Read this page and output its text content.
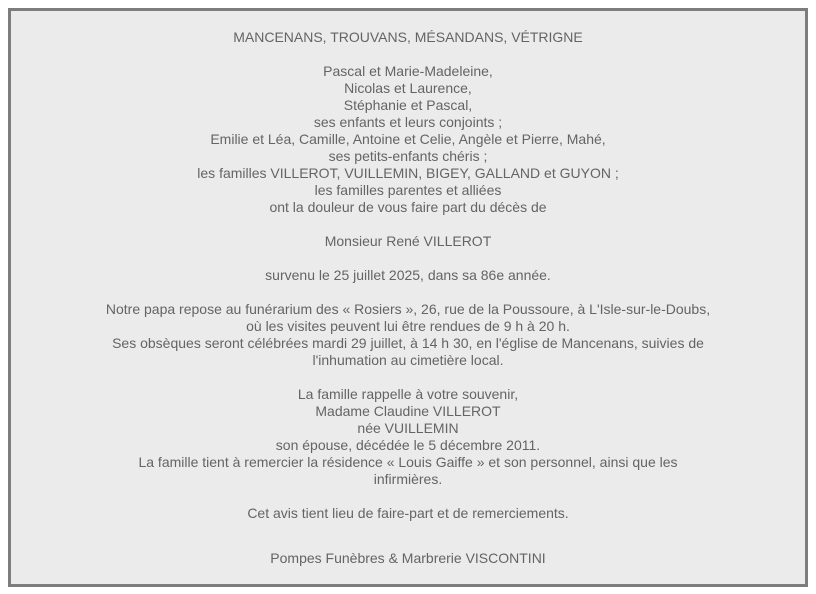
MANCENANS, TROUVANS, MÉSANDANS, VÉTRIGNE
Pascal et Marie-Madeleine,
Nicolas et Laurence,
Stéphanie et Pascal,
ses enfants et leurs conjoints ;
Emilie et Léa, Camille, Antoine et Celie, Angèle et Pierre, Mahé,
ses petits-enfants chéris ;
les familles VILLEROT, VUILLEMIN, BIGEY, GALLAND et GUYON ;
les familles parentes et alliées
ont la douleur de vous faire part du décès de
Monsieur René VILLEROT
survenu le 25 juillet 2025, dans sa 86e année.
Notre papa repose au funérarium des « Rosiers », 26, rue de la Poussoure, à L'Isle-sur-le-Doubs,
où les visites peuvent lui être rendues de 9 h à 20 h.
Ses obsèques seront célébrées mardi 29 juillet, à 14 h 30, en l'église de Mancenans, suivies de
l'inhumation au cimetière local.
La famille rappelle à votre souvenir,
Madame Claudine VILLEROT
née VUILLEMIN
son épouse, décédée le 5 décembre 2011.
La famille tient à remercier la résidence « Louis Gaiffe » et son personnel, ainsi que les
infirmières.
Cet avis tient lieu de faire-part et de remerciements.
Pompes Funèbres & Marbrerie VISCONTINI
